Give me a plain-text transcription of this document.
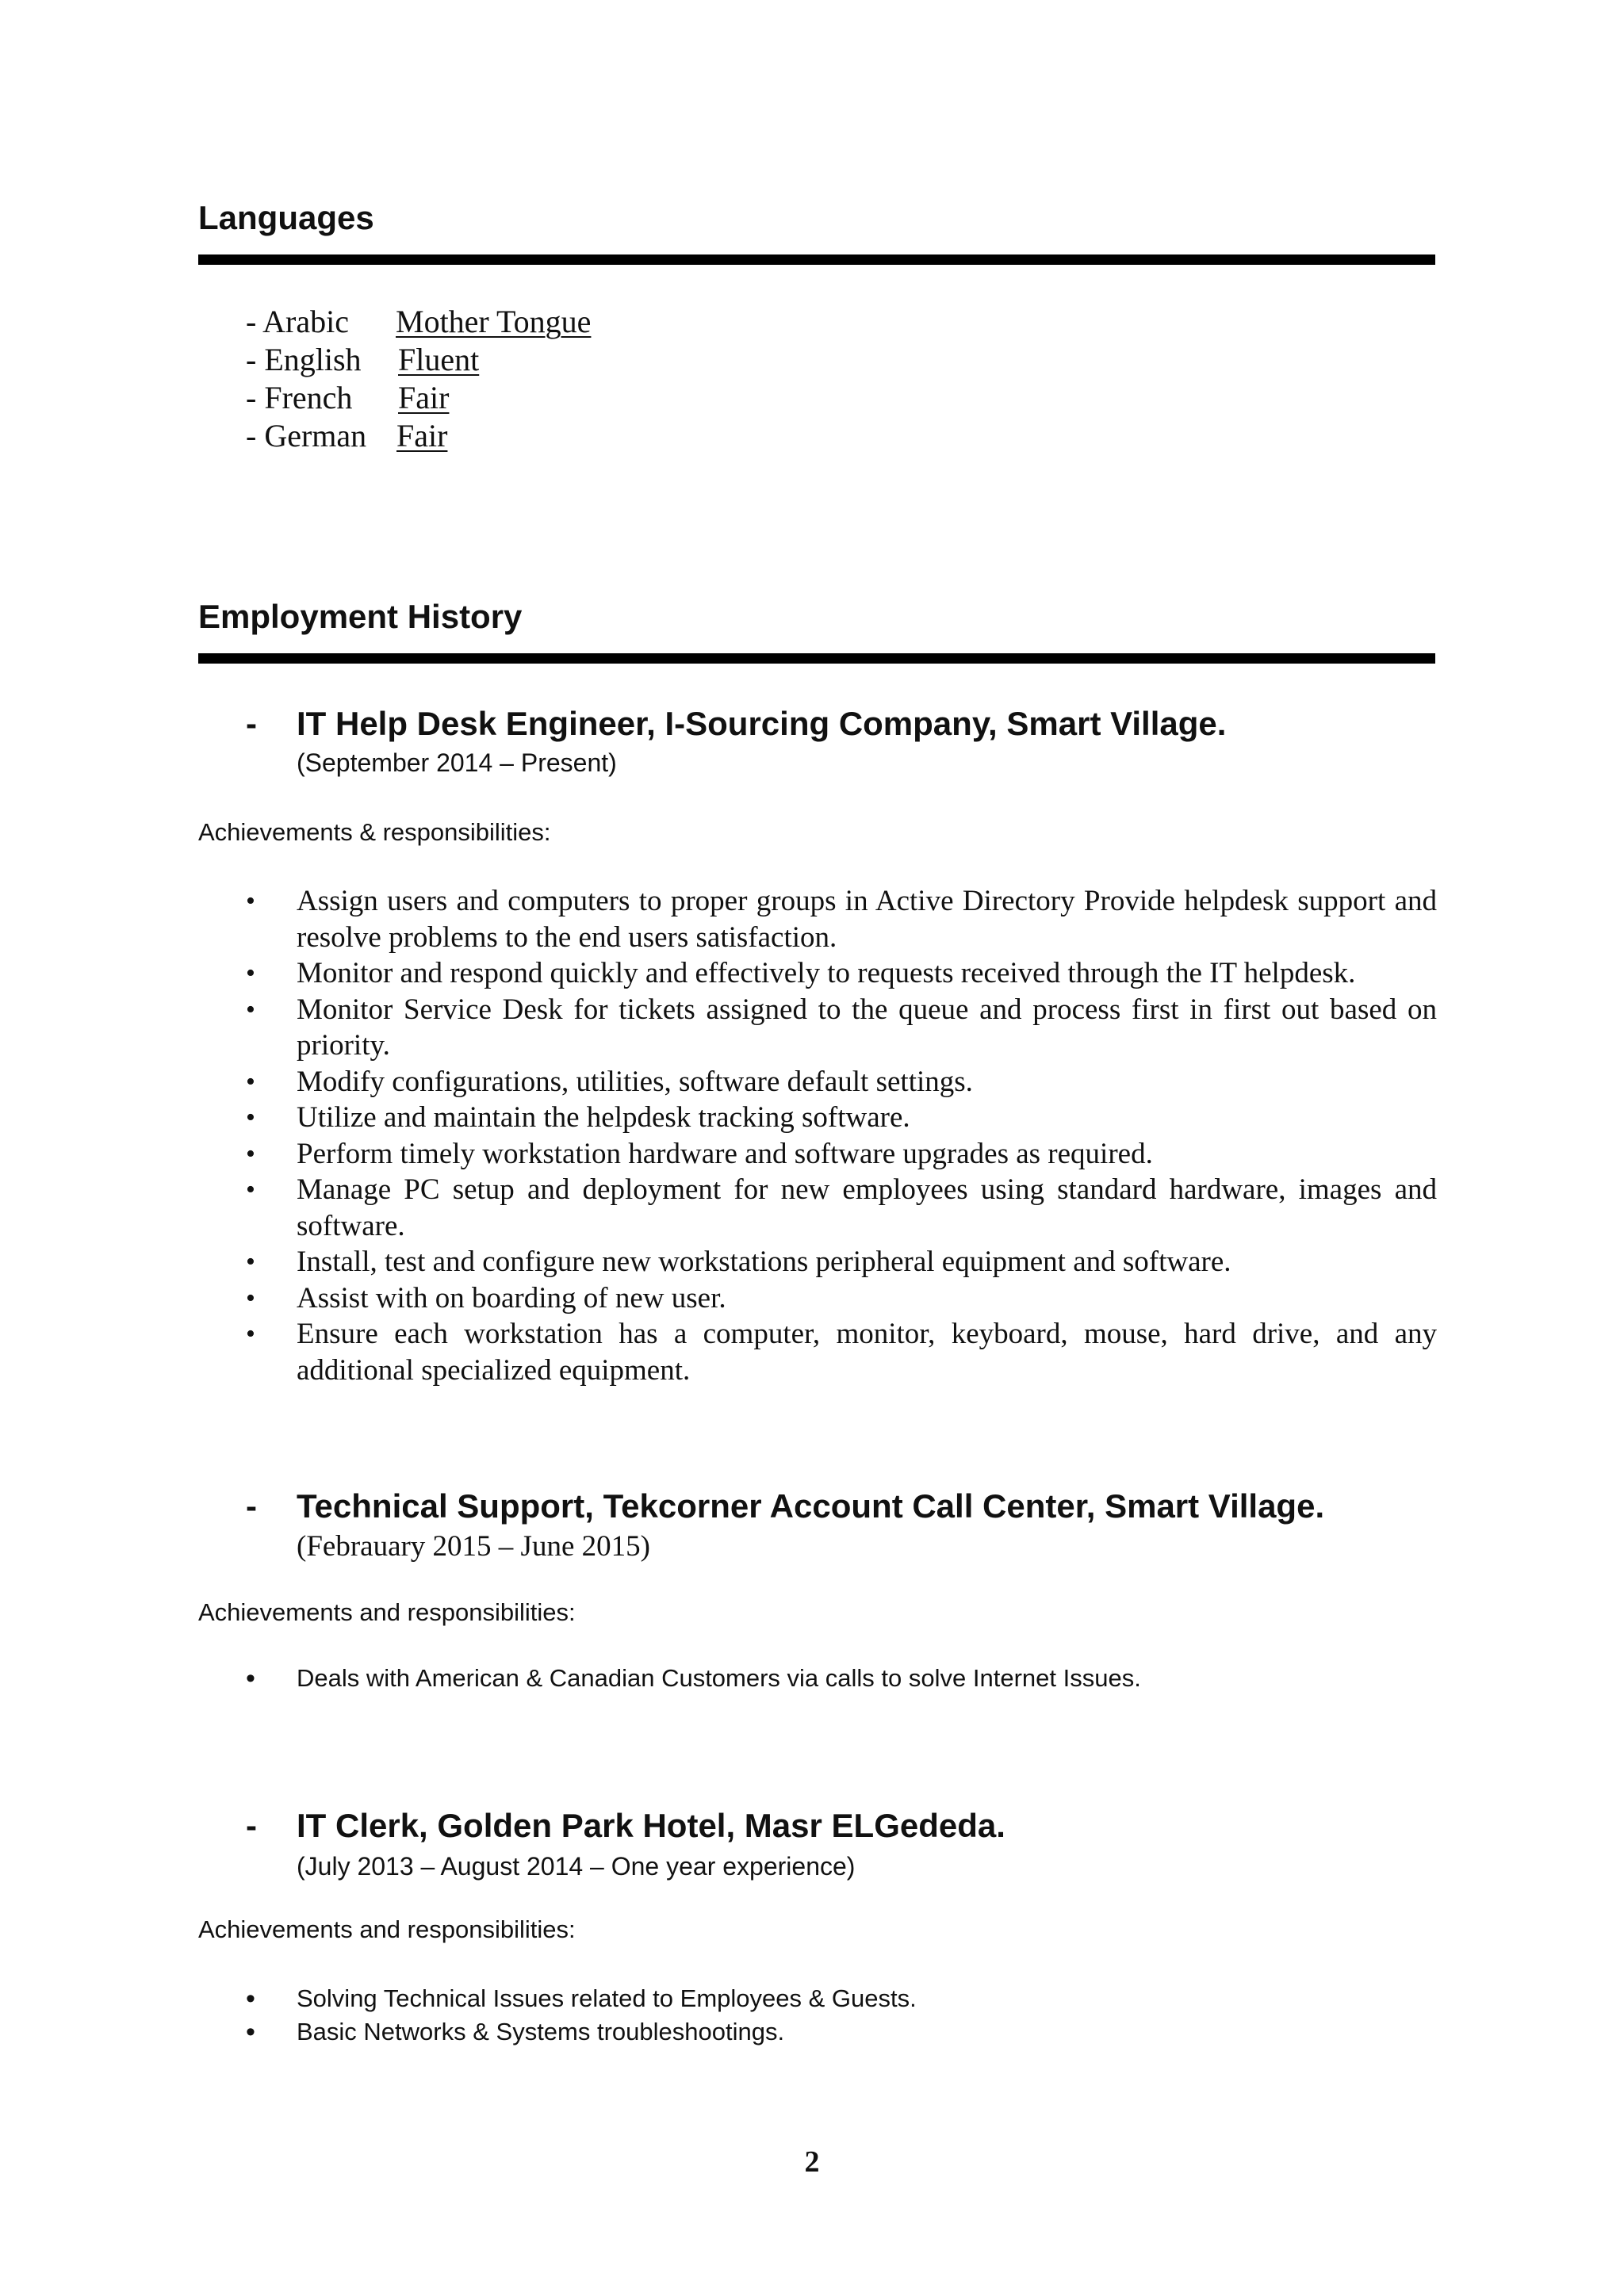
Languages
- Arabic	Mother Tongue
- English	Fluent
- French	Fair
- German Fair
Employment History
-	IT Help Desk Engineer, I-Sourcing Company, Smart Village.
(September 2014 – Present)
Achievements & responsibilities:
•	Assign users and computers to proper groups in Active Directory Provide helpdesk support and resolve problems to the end users satisfaction.
•	Monitor and respond quickly and effectively to requests received through the IT helpdesk.
•	Monitor Service Desk for tickets assigned to the queue and process first in first out based on priority.
•	Modify configurations, utilities, software default settings.
•	Utilize and maintain the helpdesk tracking software.
•	Perform timely workstation hardware and software upgrades as required.
•	Manage PC setup and deployment for new employees using standard hardware, images and software.
•	Install, test and configure new workstations peripheral equipment and software.
•	Assist with on boarding of new user.
•	Ensure each workstation has a computer, monitor, keyboard, mouse, hard drive, and any additional specialized equipment.
-	Technical Support, Tekcorner Account Call Center, Smart Village.
(Febrauary 2015 – June 2015)
Achievements and responsibilities:
•	Deals with American & Canadian Customers via calls to solve Internet Issues.
-	IT Clerk, Golden Park Hotel, Masr ELGededa.
(July 2013 – August 2014 – One year experience)
Achievements and responsibilities:
•	Solving Technical Issues related to Employees & Guests.
•	Basic Networks & Systems troubleshootings.
2
